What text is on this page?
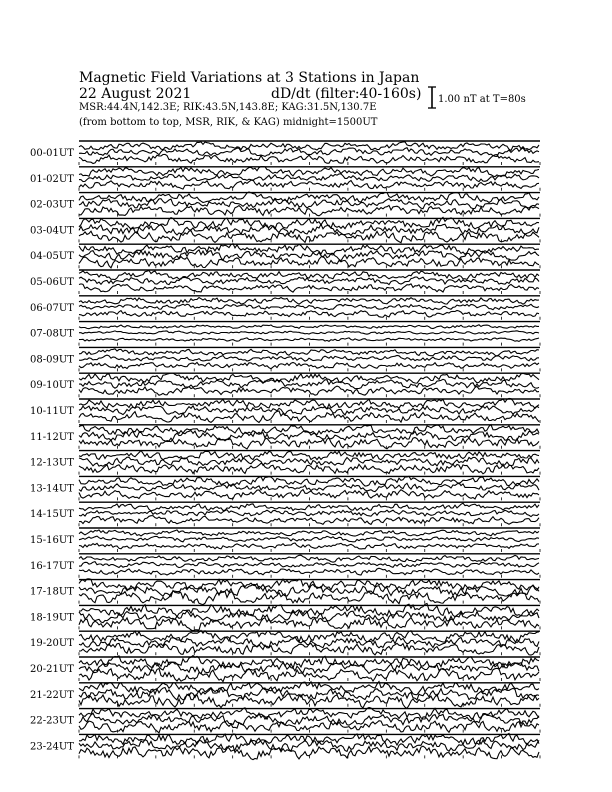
Magnetic Field Variations at 3 Stations in Japan
22 August 2021	dD/dt (filter:40-160s)
MSR:44.4N,142.3E; RIK:43.5N,143.8E; KAG:31.5N,130.7E
(from bottom to top, MSR, RIK, & KAG) midnight=1500UT
1.00 nT at T=80s
00-01UT
01-02UT
02-03UT
03-04UT
04-05UT
05-06UT
06-07UT
07-08UT
08-09UT
09-10UT
10-11UT
11-12UT
12-13UT
13-14UT
14-15UT
15-16UT
16-17UT
17-18UT
18-19UT
19-20UT
20-21UT
21-22UT
22-23UT
23-24UT
